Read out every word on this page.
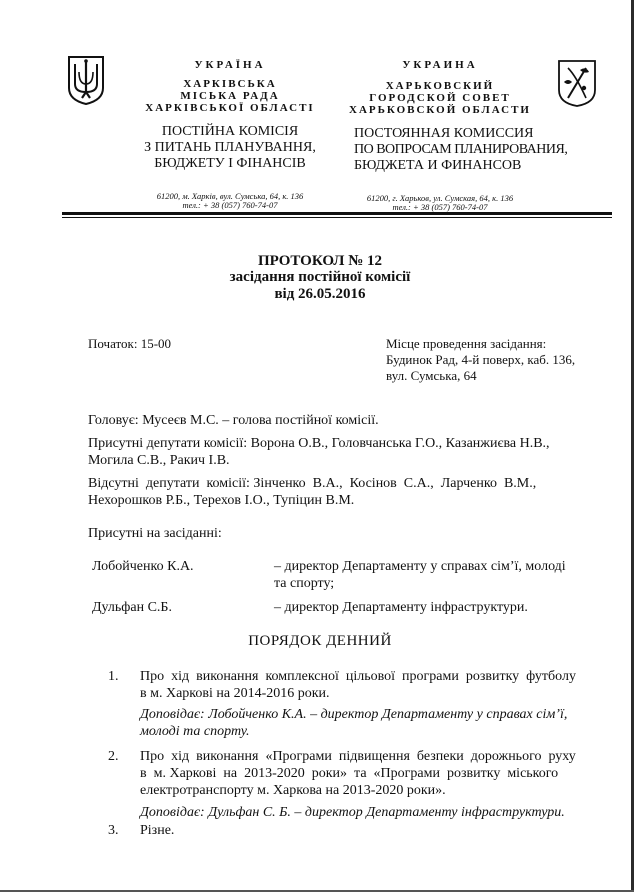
УКРАЇНА
ХАРКІВСЬКА
МІСЬКА РАДА
ХАРКІВСЬКОЇ ОБЛАСТІ
ПОСТІЙНА КОМІСІЯ
З ПИТАНЬ ПЛАНУВАННЯ,
БЮДЖЕТУ І ФІНАНСІВ
61200, м. Харків, вул. Сумська, 64, к. 136
тел.: + 38 (057) 760-74-07
УКРАИНА
ХАРЬКОВСКИЙ
ГОРОДСКОЙ СОВЕТ
ХАРЬКОВСКОЙ ОБЛАСТИ
ПОСТОЯННАЯ КОМИССИЯ
ПО ВОПРОСАМ ПЛАНИРОВАНИЯ,
БЮДЖЕТА И ФИНАНСОВ
61200, г. Харьков, ул. Сумская, 64, к. 136
тел.: + 38 (057) 760-74-07
ПРОТОКОЛ № 12
засідання постійної комісії
від 26.05.2016
Початок: 15-00	Місце проведення засідання:
Будинок Рад, 4-й поверх, каб. 136,
вул. Сумська, 64
Головує: Мусеєв М.С. – голова постійної комісії.
Присутні депутати комісії: Ворона О.В., Головчанська Г.О., Казанжиєва Н.В.,
Могила С.В., Ракич І.В.
Відсутні  депутати  комісії: Зінченко  В.А.,  Косінов  С.А.,  Ларченко  В.М.,
Нехорошков Р.Б., Терехов І.О., Тупіцин В.М.
Присутні на засіданні:
Лобойченко К.А.	– директор Департаменту у справах сім’ї, молоді
та спорту;
Дульфан С.Б.	– директор Департаменту інфраструктури.
ПОРЯДОК ДЕННИЙ
1. Про  хід  виконання  комплексної  цільової  програми  розвитку  футболу
в м. Харкові на 2014-2016 роки.
Доповідає: Лобойченко К.А. – директор Департаменту у справах сім’ї,
молоді та спорту.
2. Про  хід  виконання  «Програми  підвищення  безпеки  дорожнього  руху
в  м. Харкові  на  2013-2020  роки»  та  «Програми  розвитку  міського
електротранспорту м. Харкова на 2013-2020 роки».
Доповідає: Дульфан С. Б. – директор Департаменту інфраструктури.
3. Різне.
